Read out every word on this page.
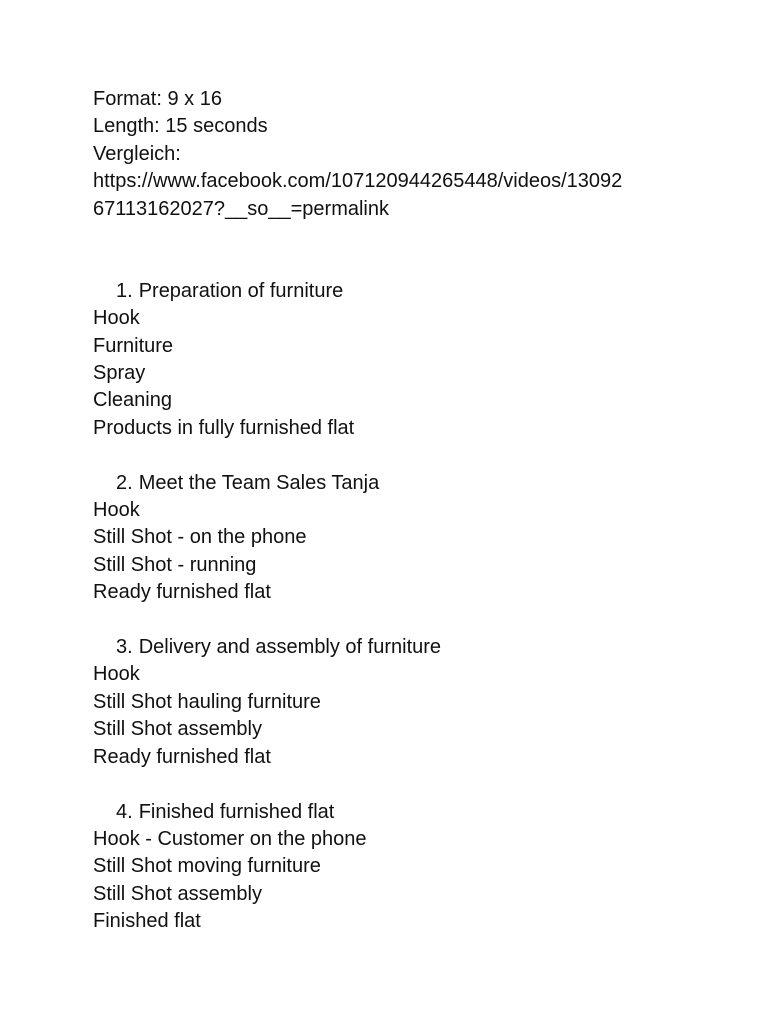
Format: 9 x 16
Length: 15 seconds
Vergleich:
https://www.facebook.com/107120944265448/videos/13092
67113162027?__so__=permalink
1. Preparation of furniture
Hook
Furniture
Spray
Cleaning
Products in fully furnished flat
2. Meet the Team Sales Tanja
Hook
Still Shot - on the phone
Still Shot - running
Ready furnished flat
3. Delivery and assembly of furniture
Hook
Still Shot hauling furniture
Still Shot assembly
Ready furnished flat
4. Finished furnished flat
Hook - Customer on the phone
Still Shot moving furniture
Still Shot assembly
Finished flat
